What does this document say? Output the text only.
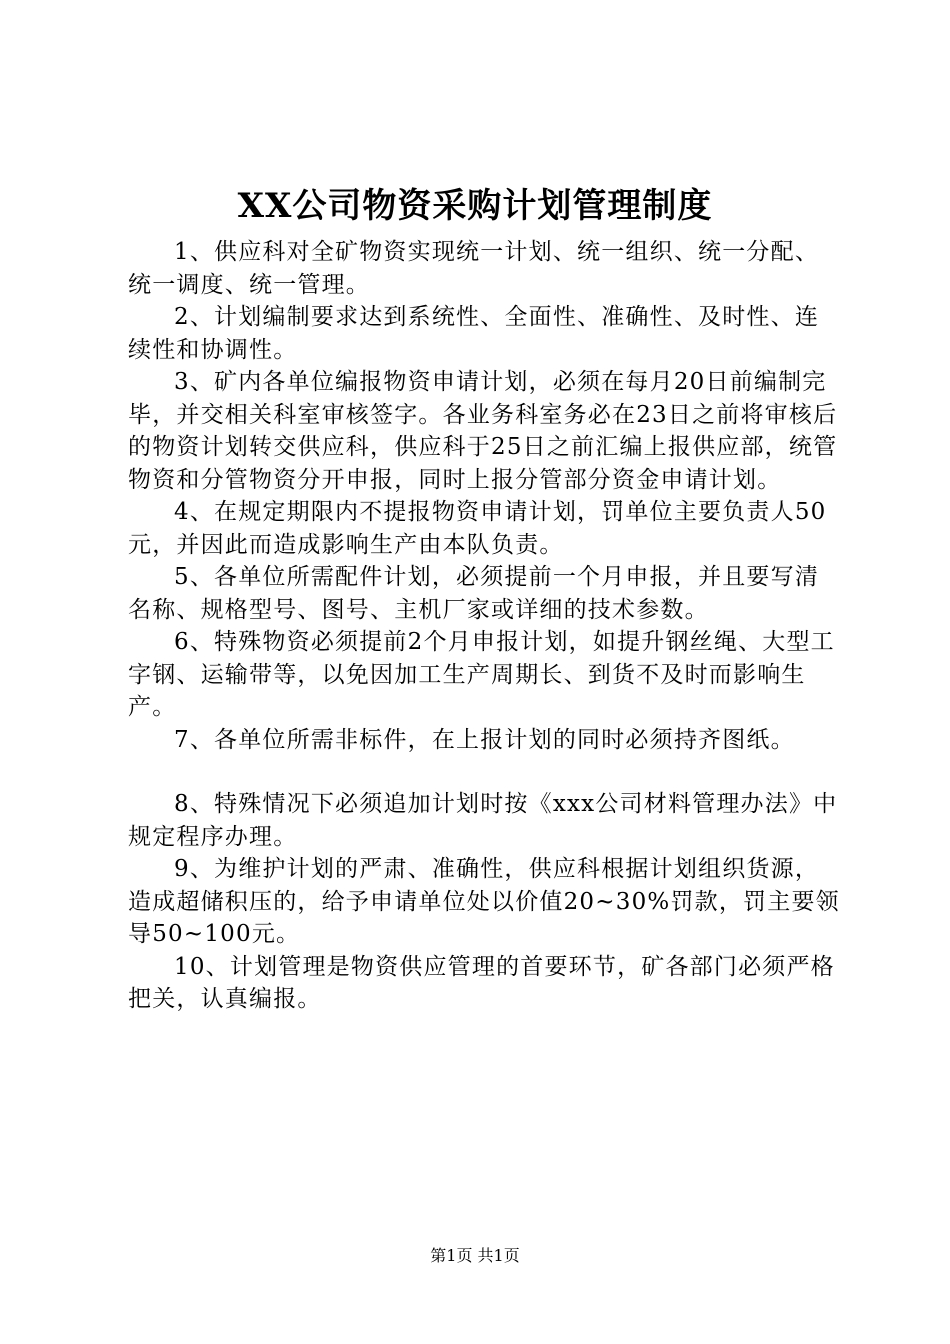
XX公司物资采购计划管理制度

1、供应科对全矿物资实现统一计划、统一组织、统一分配、统一调度、统一管理。

2、计划编制要求达到系统性、全面性、准确性、及时性、连续性和协调性。

3、矿内各单位编报物资申请计划，必须在每月20日前编制完毕，并交相关科室审核签字。各业务科室务必在23日之前将审核后的物资计划转交供应科，供应科于25日之前汇编上报供应部，统管物资和分管物资分开申报，同时上报分管部分资金申请计划。

4、在规定期限内不提报物资申请计划，罚单位主要负责人50元，并因此而造成影响生产由本队负责。

5、各单位所需配件计划，必须提前一个月申报，并且要写清名称、规格型号、图号、主机厂家或详细的技术参数。

6、特殊物资必须提前2个月申报计划，如提升钢丝绳、大型工字钢、运输带等，以免因加工生产周期长、到货不及时而影响生产。

7、各单位所需非标件，在上报计划的同时必须持齐图纸。

8、特殊情况下必须追加计划时按《xxx公司材料管理办法》中规定程序办理。

9、为维护计划的严肃、准确性，供应科根据计划组织货源，造成超储积压的，给予申请单位处以价值20~30%罚款，罚主要领导50~100元。

10、计划管理是物资供应管理的首要环节，矿各部门必须严格把关，认真编报。

第1页 共1页
